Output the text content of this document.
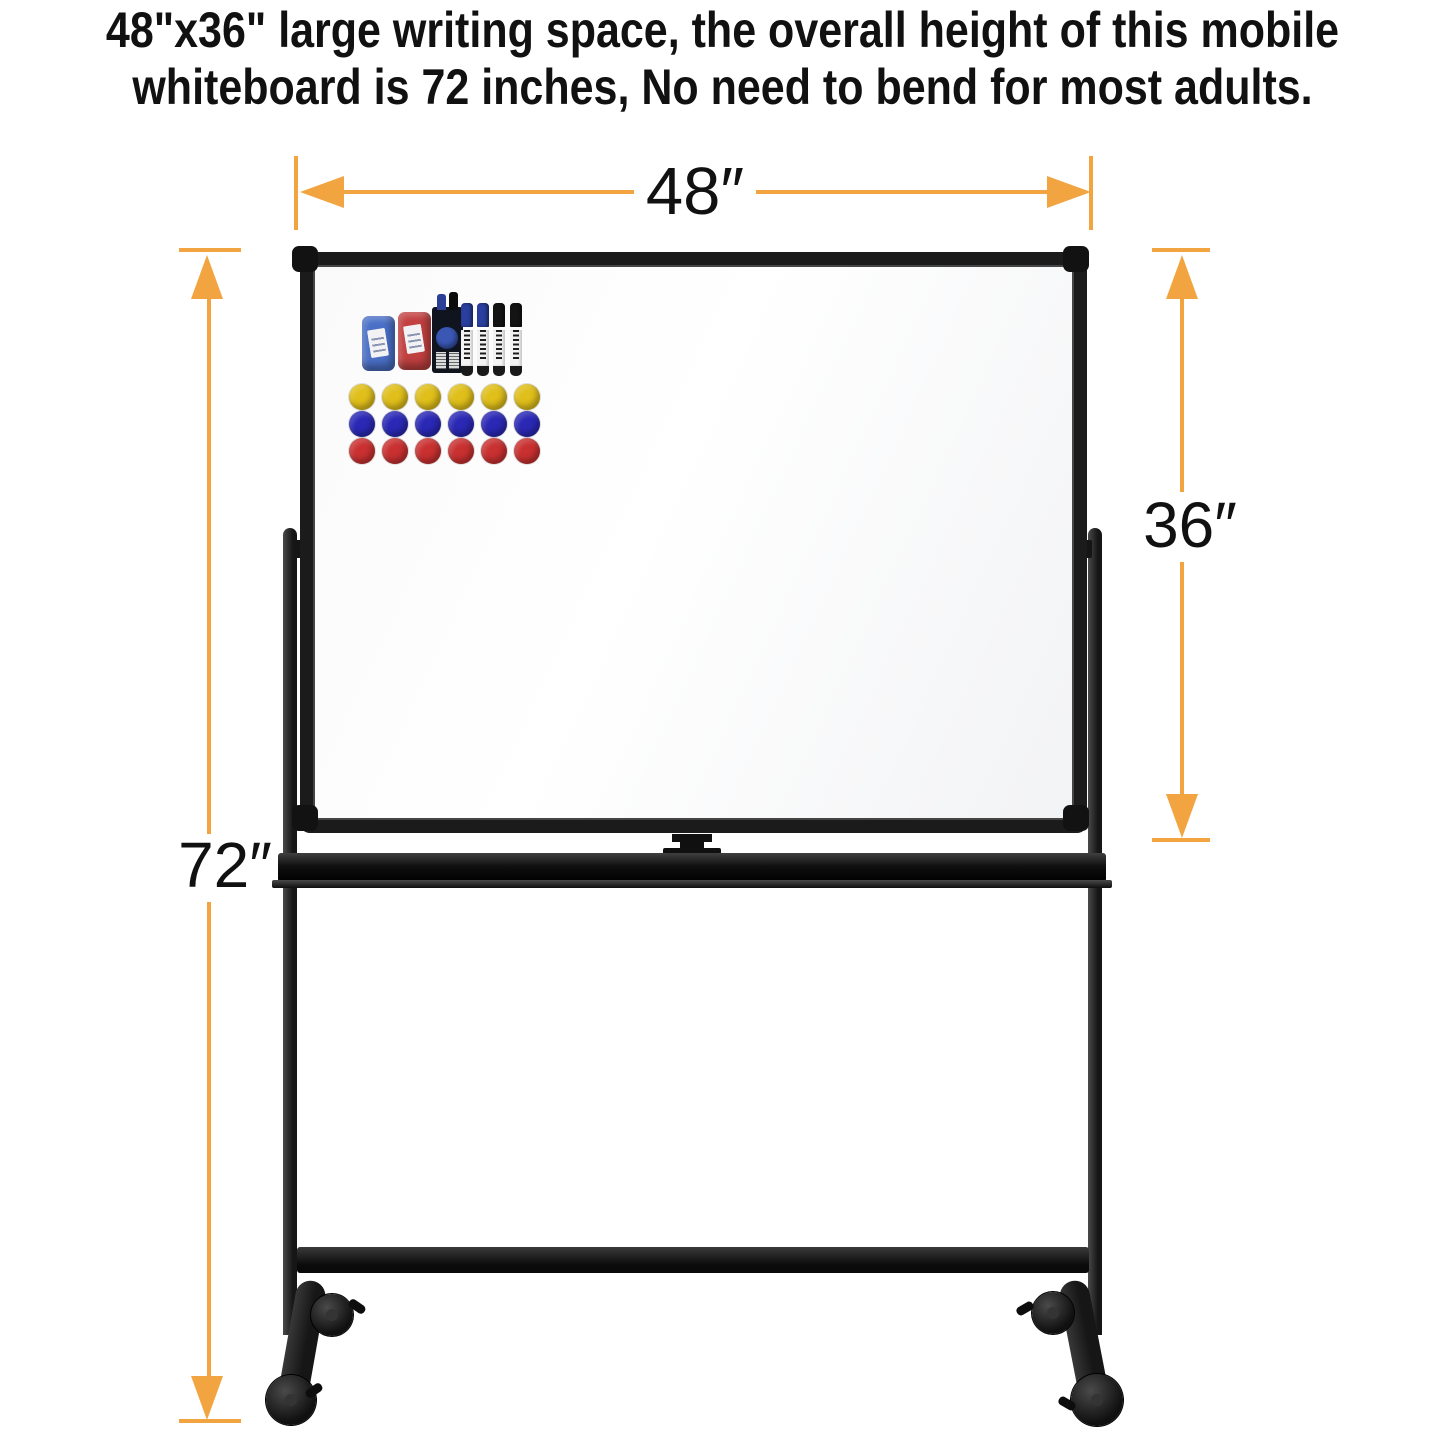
48"x36" large writing space, the overall height of this mobile
whiteboard is 72 inches, No need to bend for most adults.
48″
36″
72″
